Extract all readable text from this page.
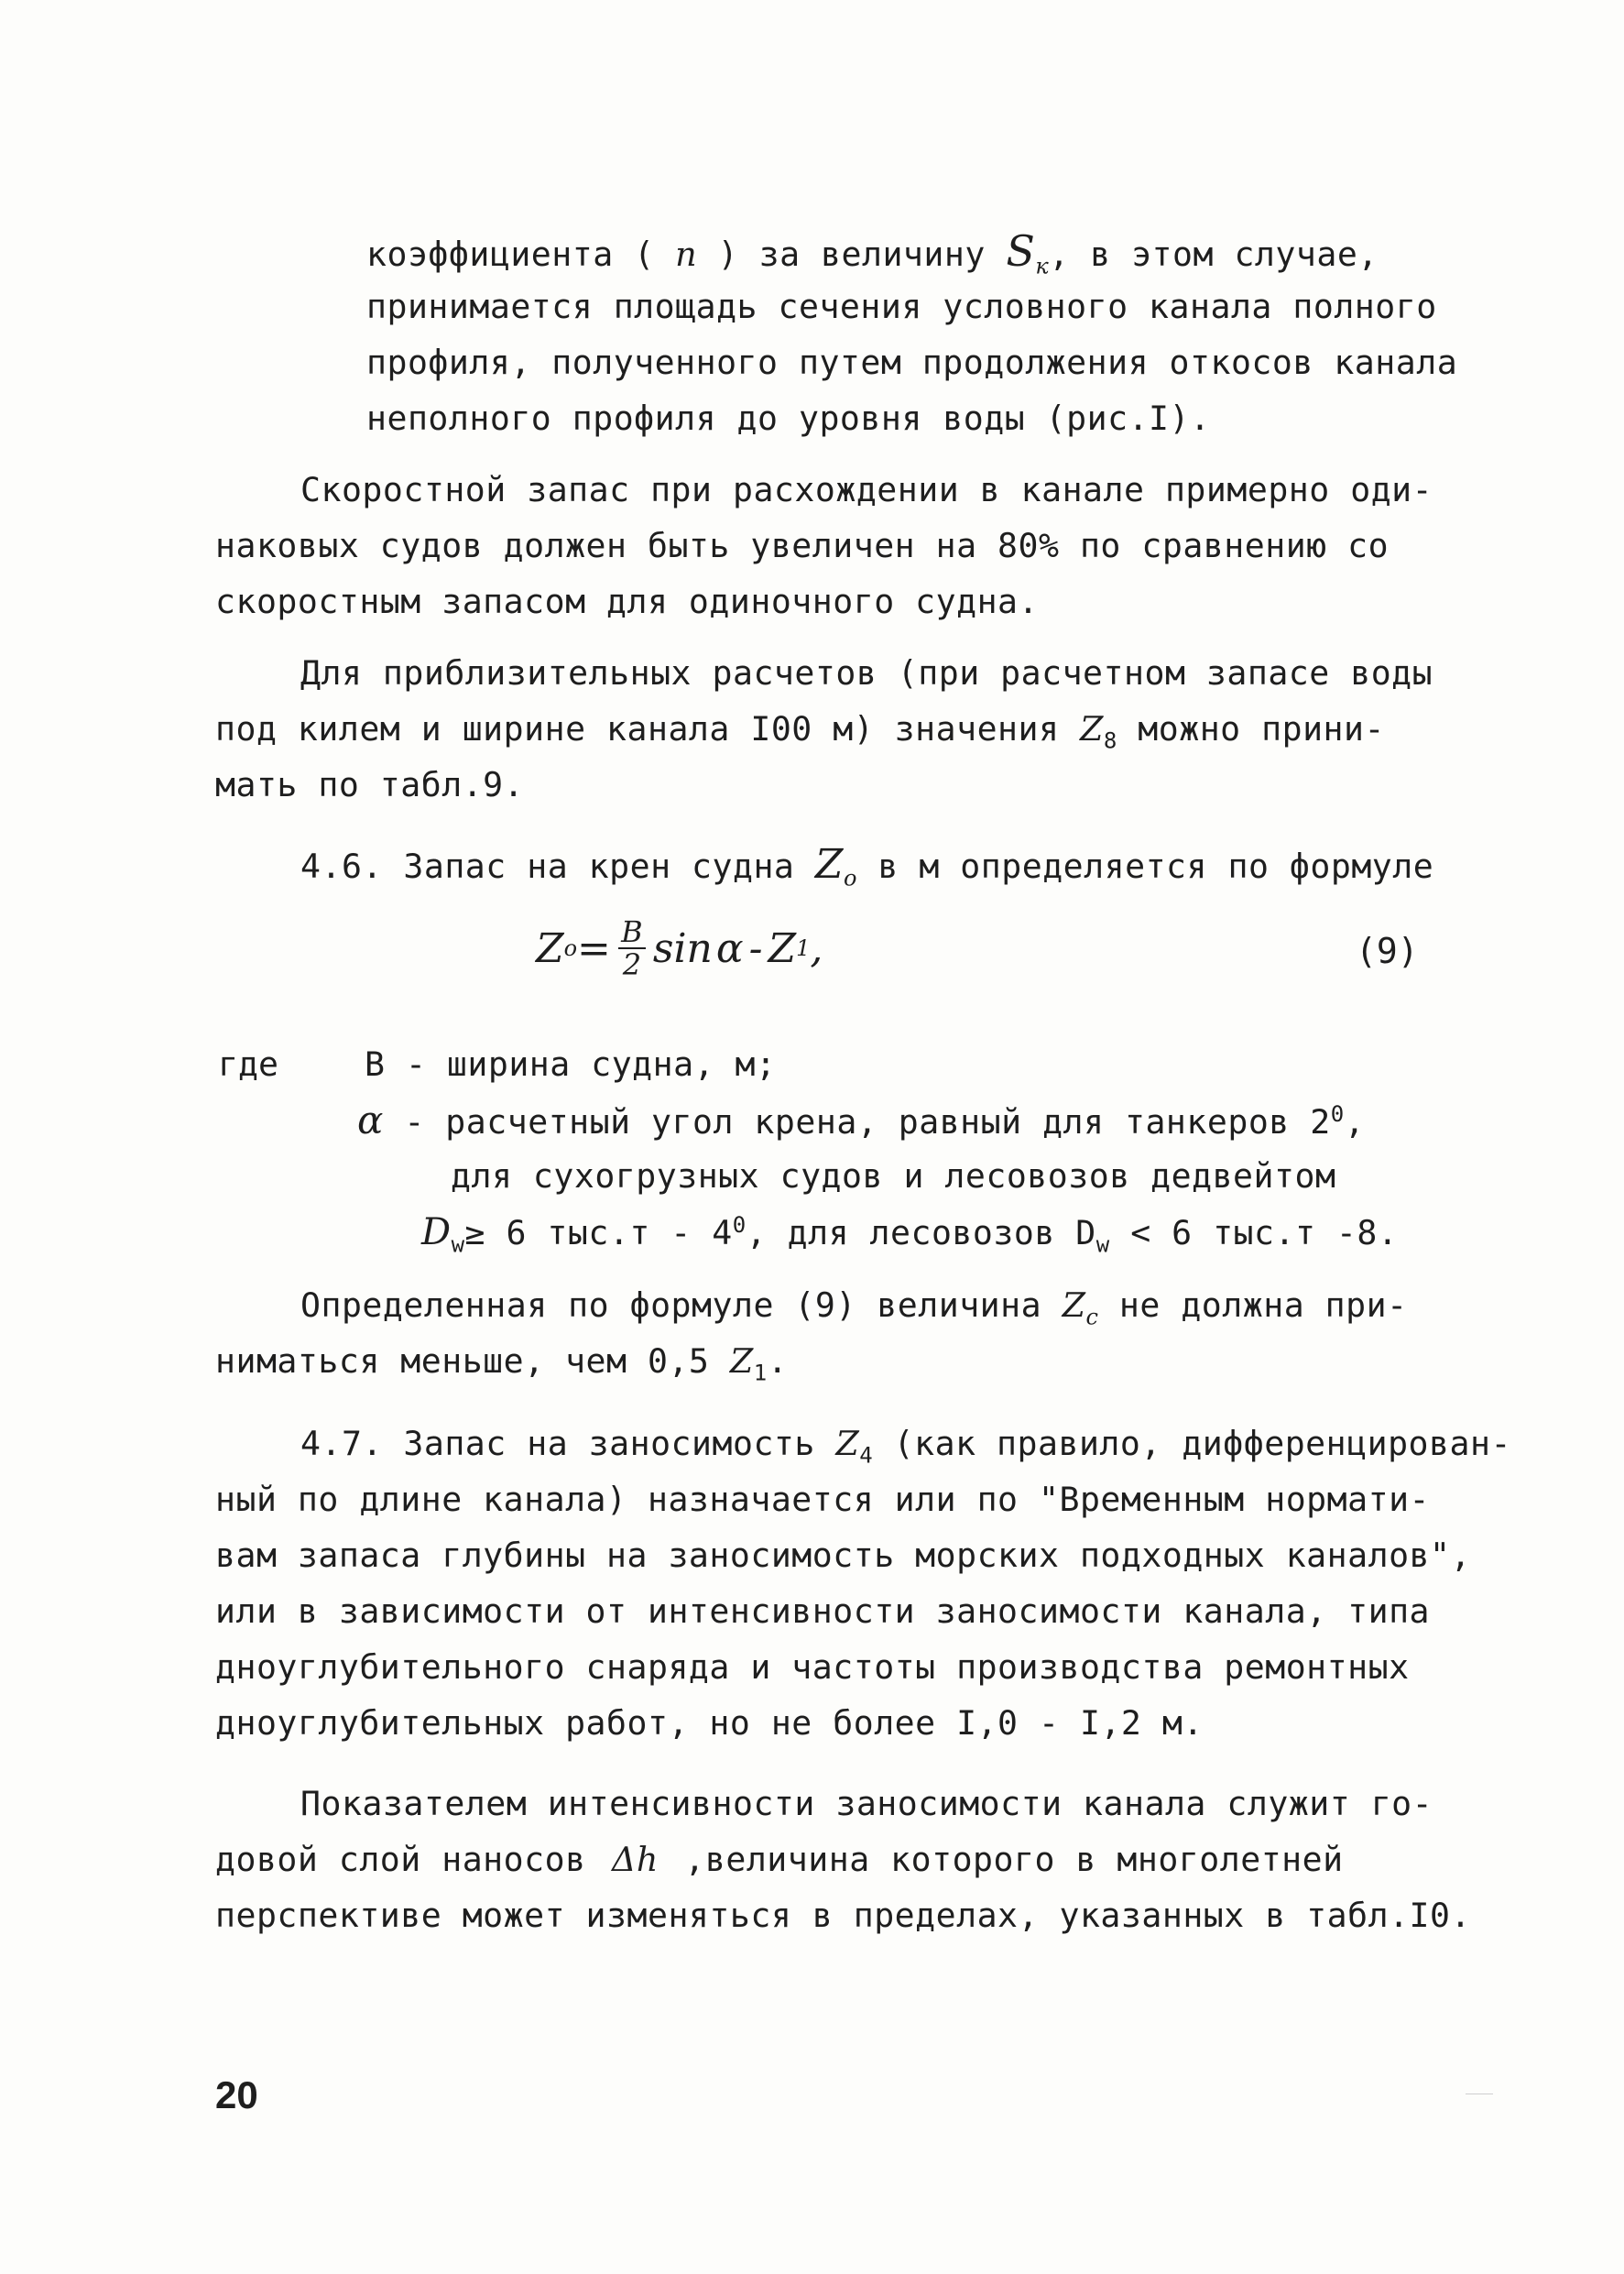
коэффициента ( n ) за величину $S_к$, в этом случае,
принимается площадь сечения условного канала полного
профиля, полученного путем продолжения откосов канала
неполного профиля до уровня воды (рис.I).
Скоростной запас при расхождении в канале примерно оди-
наковых судов должен быть увеличен на 80% по сравнению со
скоростным запасом для одиночного судна.
Для приблизительных расчетов (при расчетном запасе воды
под килем и ширине канала I00 м) значения $Z_8$ можно прини-
мать по табл.9.
4.6. Запас на крен судна $Z_o$ в м определяется по формуле
Z $o = \frac{B}{2}$ sin α - Z 1 ,	(9)
где	В - ширина судна, м;
α - расчетный угол крена, равный для танкеров $2^0$,
для сухогрузных судов и лесовозов дедвейтом
$D_w\ge 6$ $тыс.т - 4^0$, для лесовозов $D_w < 6$ тыс.т -8.
Определенная по формуле (9) величина $Z_c$ не должна при-
ниматься меньше, чем 0,5 $Z_1$.
4.7. Запас на заносимость $Z_4$ (как правило, дифференцирован-
ный по длине канала) назначается или по "Временным нормати-
вам запаса глубины на заносимость морских подходных каналов",
или в зависимости от интенсивности заносимости канала, типа
дноуглубительного снаряда и частоты производства ремонтных
дноуглубительных работ, но не более I,0 - I,2 м.
Показателем интенсивности заносимости канала служит го-
довой слой наносов Δh ,величина которого в многолетней
перспективе может изменяться в пределах, указанных в табл.I0.
20
